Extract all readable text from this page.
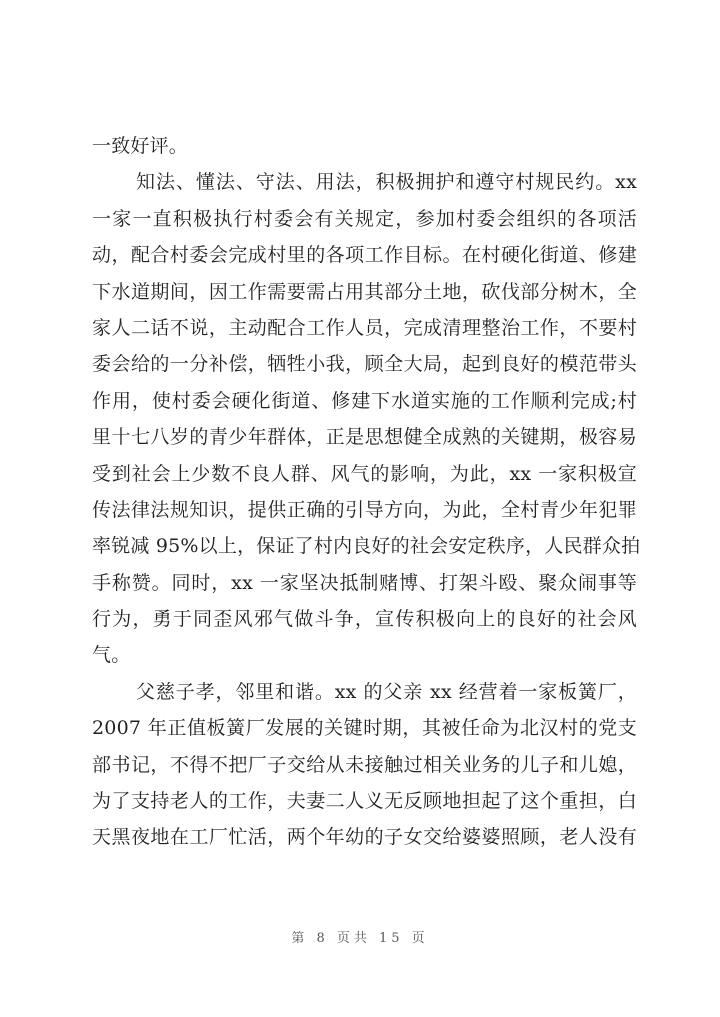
一致好评。
知法、懂法、守法、用法，积极拥护和遵守村规民约。xx
一家一直积极执行村委会有关规定，参加村委会组织的各项活
动，配合村委会完成村里的各项工作目标。在村硬化街道、修建
下水道期间，因工作需要需占用其部分土地，砍伐部分树木，全
家人二话不说，主动配合工作人员，完成清理整治工作，不要村
委会给的一分补偿，牺牲小我，顾全大局，起到良好的模范带头
作用，使村委会硬化街道、修建下水道实施的工作顺利完成;村
里十七八岁的青少年群体，正是思想健全成熟的关键期，极容易
受到社会上少数不良人群、风气的影响，为此，xx 一家积极宣
传法律法规知识，提供正确的引导方向，为此，全村青少年犯罪
率锐减 95%以上，保证了村内良好的社会安定秩序，人民群众拍
手称赞。同时，xx 一家坚决抵制赌博、打架斗殴、聚众闹事等
行为，勇于同歪风邪气做斗争，宣传积极向上的良好的社会风
气。
父慈子孝，邻里和谐。xx 的父亲 xx 经营着一家板簧厂，
2007 年正值板簧厂发展的关键时期，其被任命为北汉村的党支
部书记，不得不把厂子交给从未接触过相关业务的儿子和儿媳，
为了支持老人的工作，夫妻二人义无反顾地担起了这个重担，白
天黑夜地在工厂忙活，两个年幼的子女交给婆婆照顾，老人没有
第 8 页共 15 页
